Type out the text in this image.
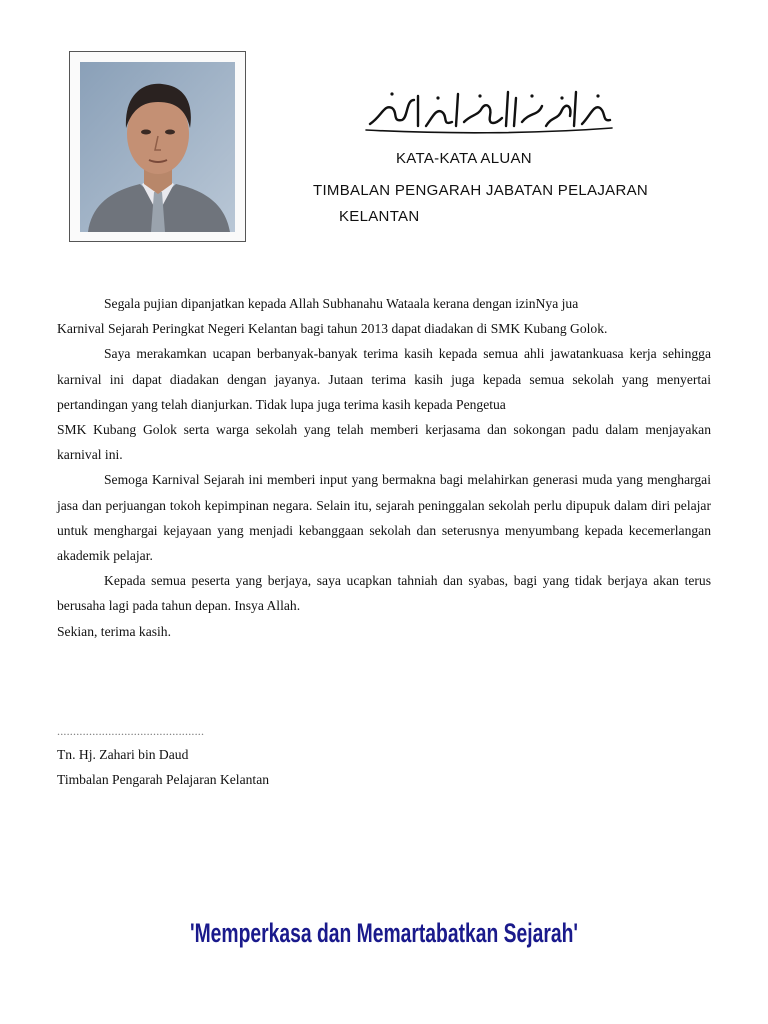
KATA-KATA ALUAN
TIMBALAN PENGARAH JABATAN PELAJARAN
KELANTAN

Segala pujian dipanjatkan kepada Allah Subhanahu Wataala kerana dengan izinNya jua

Karnival Sejarah Peringkat Negeri Kelantan bagi tahun 2013 dapat diadakan di SMK Kubang Golok.

Saya merakamkan ucapan berbanyak-banyak terima kasih kepada semua ahli jawatankuasa kerja sehingga karnival ini dapat diadakan dengan jayanya. Jutaan terima kasih juga kepada semua sekolah yang menyertai pertandingan yang telah dianjurkan. Tidak lupa juga terima kasih kepada Pengetua

SMK Kubang Golok serta warga sekolah yang telah memberi kerjasama dan sokongan padu dalam menjayakan karnival ini.

Semoga Karnival Sejarah ini memberi input yang bermakna bagi melahirkan generasi muda yang menghargai jasa dan perjuangan tokoh kepimpinan negara. Selain itu, sejarah peninggalan sekolah perlu dipupuk dalam diri pelajar untuk menghargai kejayaan yang menjadi kebanggaan sekolah dan seterusnya menyumbang kepada kecemerlangan akademik pelajar.

Kepada semua peserta yang berjaya, saya ucapkan tahniah dan syabas, bagi yang tidak berjaya akan terus berusaha lagi pada tahun depan. Insya Allah.

Sekian, terima kasih.

..............................................
Tn. Hj. Zahari bin Daud
Timbalan Pengarah Pelajaran Kelantan
'Memperkasa dan Memartabatkan Sejarah'
